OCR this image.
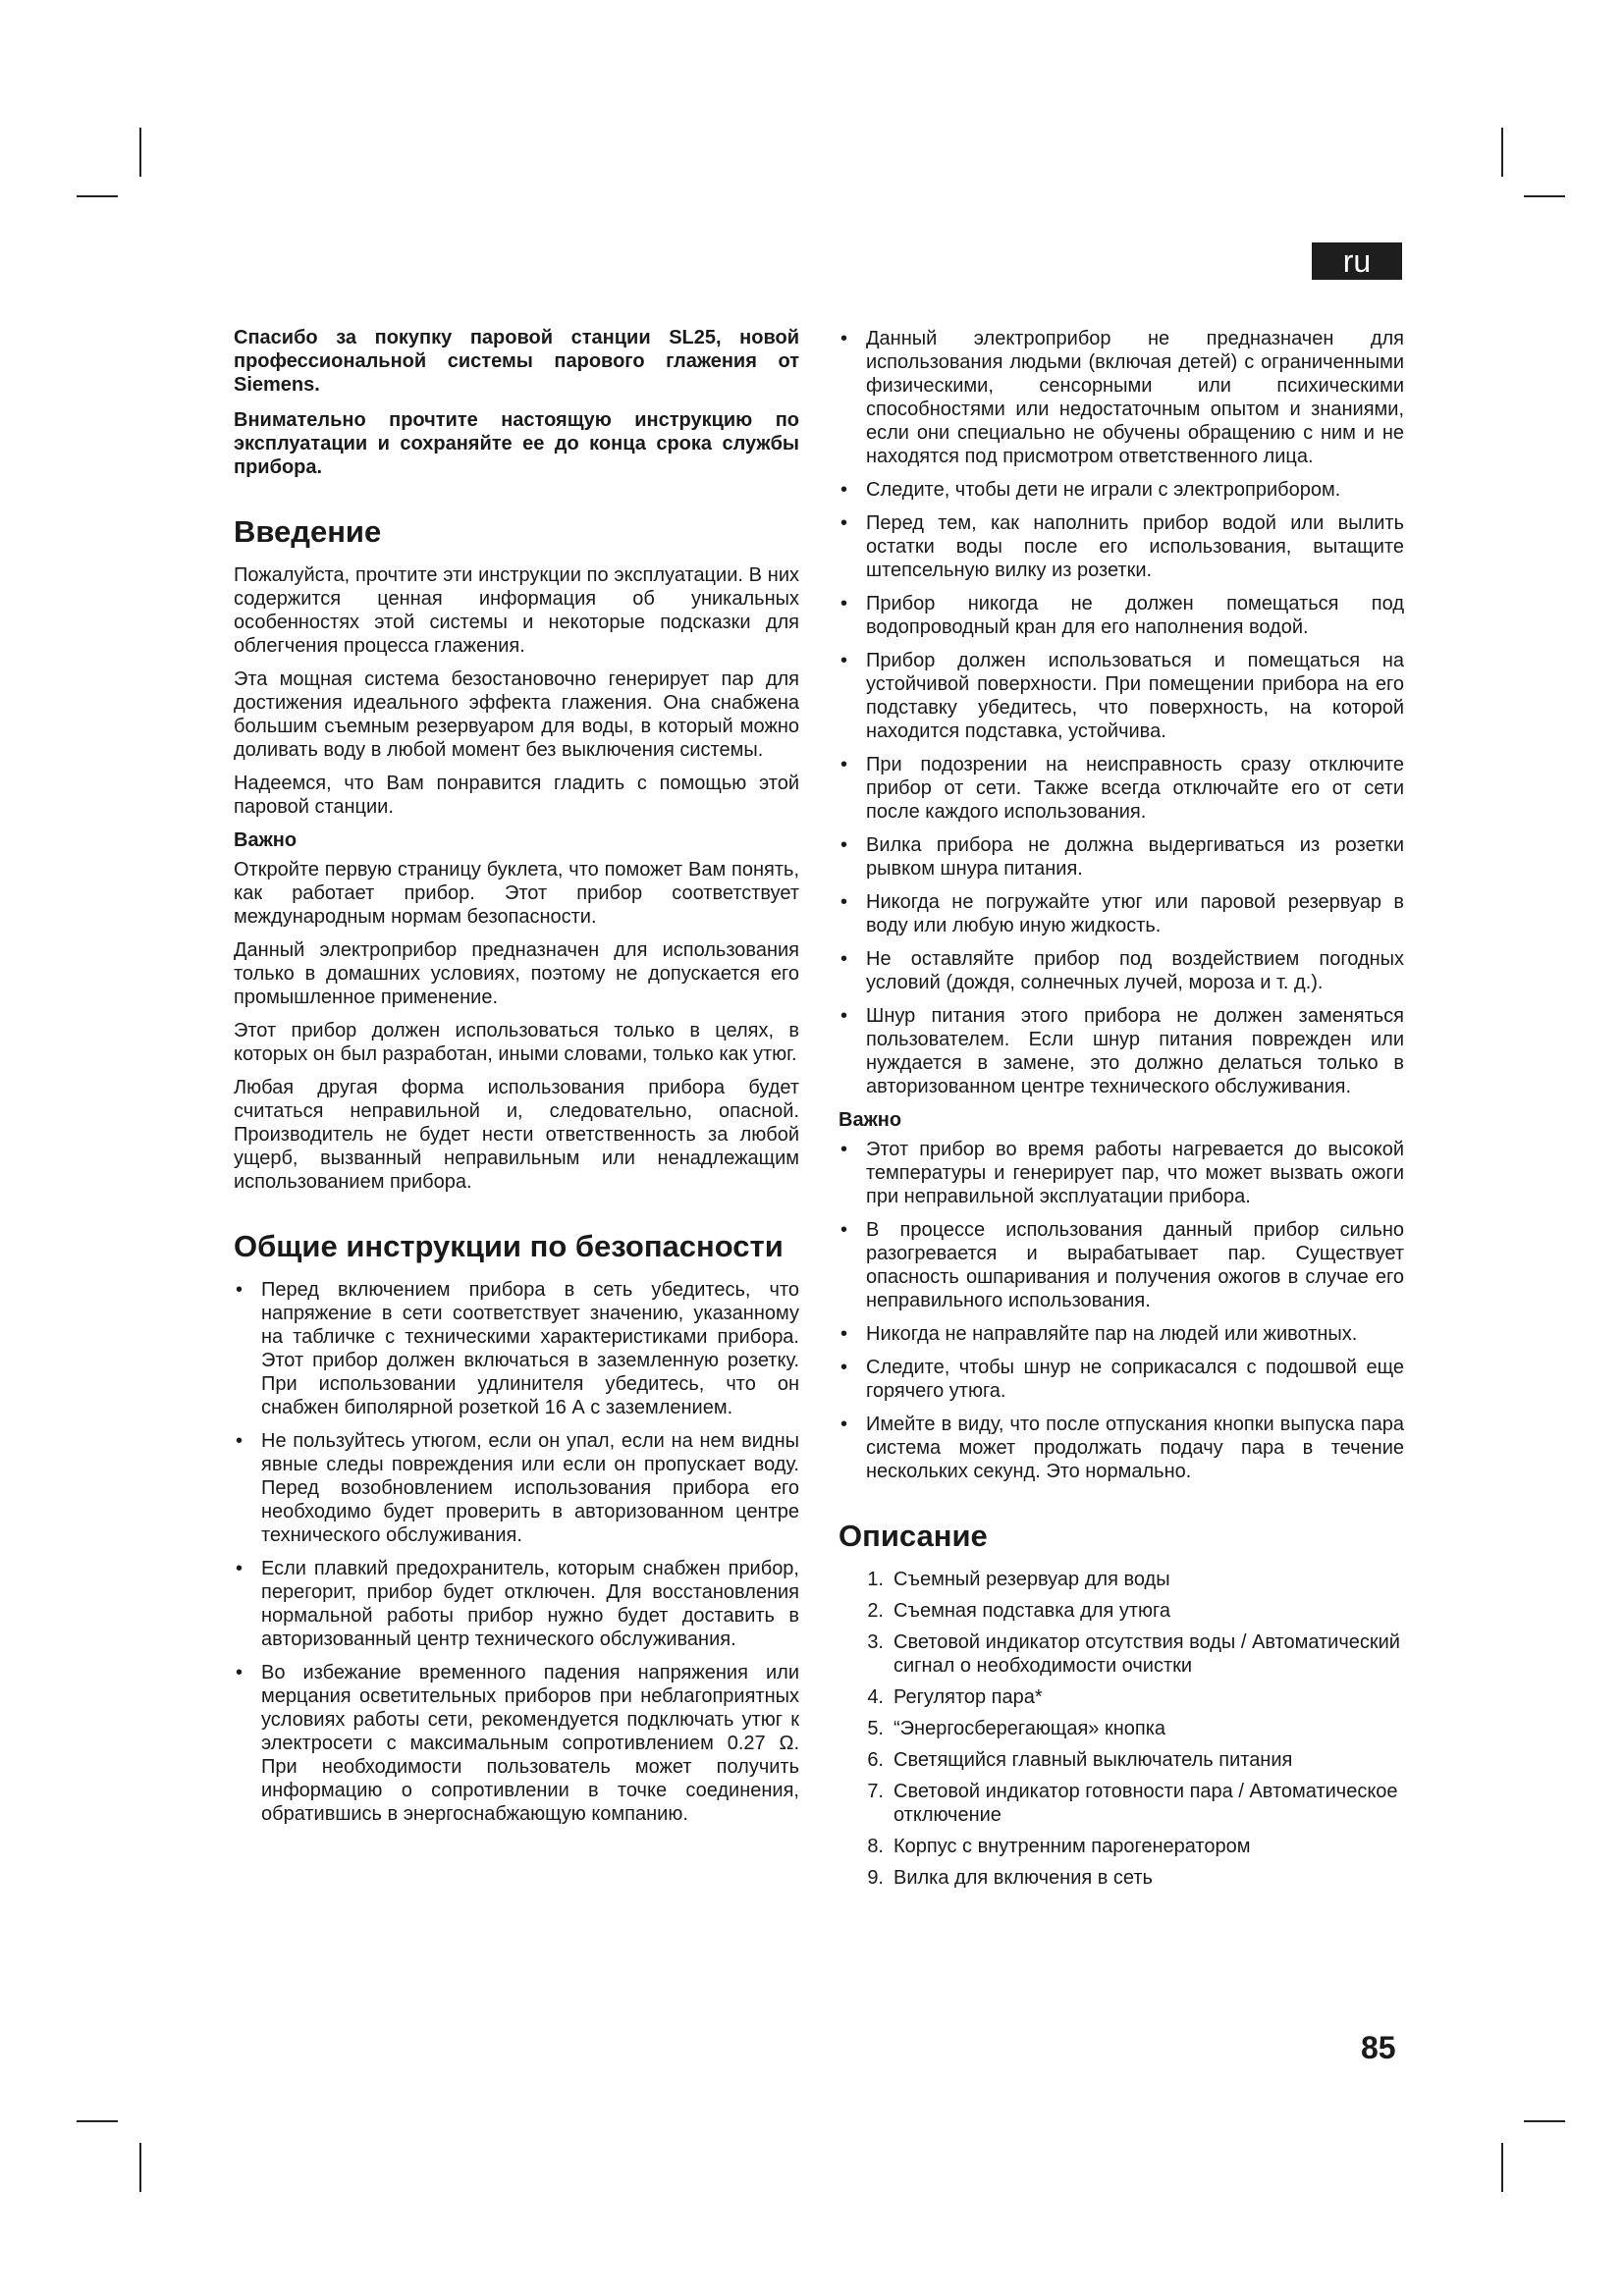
ru

Спасибо за покупку паровой станции SL25, новой профессиональной системы парового глажения от Siemens.

Внимательно прочтите настоящую инструкцию по эксплуатации и сохраняйте ее до конца срока службы прибора.

Введение

Пожалуйста, прочтите эти инструкции по эксплуатации. В них содержится ценная информация об уникальных особенностях этой системы и некоторые подсказки для облегчения процесса глажения.

Эта мощная система безостановочно генерирует пар для достижения идеального эффекта глажения. Она снабжена большим съемным резервуаром для воды, в который можно доливать воду в любой момент без выключения системы.

Надеемся, что Вам понравится гладить с помощью этой паровой станции.

Важно

Откройте первую страницу буклета, что поможет Вам понять, как работает прибор. Этот прибор соответствует международным нормам безопасности.

Данный электроприбор предназначен для использования только в домашних условиях, поэтому не допускается его промышленное применение.

Этот прибор должен использоваться только в целях, в которых он был разработан, иными словами, только как утюг.

Любая другая форма использования прибора будет считаться неправильной и, следовательно, опасной. Производитель не будет нести ответственность за любой ущерб, вызванный неправильным или ненадлежащим использованием прибора.

Общие инструкции по безопасности
• Перед включением прибора в сеть убедитесь, что напряжение в сети соответствует значению, указанному на табличке с техническими характеристиками прибора. Этот прибор должен включаться в заземленную розетку. При использовании удлинителя убедитесь, что он снабжен биполярной розеткой 16 А с заземлением.
• Не пользуйтесь утюгом, если он упал, если на нем видны явные следы повреждения или если он пропускает воду. Перед возобновлением использования прибора его необходимо будет проверить в авторизованном центре технического обслуживания.
• Если плавкий предохранитель, которым снабжен прибор, перегорит, прибор будет отключен. Для восстановления нормальной работы прибор нужно будет доставить в авторизованный центр технического обслуживания.
• Во избежание временного падения напряжения или мерцания осветительных приборов при неблагоприятных условиях работы сети, рекомендуется подключать утюг к электросети с максимальным сопротивлением 0.27 Ω. При необходимости пользователь может получить информацию о сопротивлении в точке соединения, обратившись в энергоснабжающую компанию.
• Данный электроприбор не предназначен для использования людьми (включая детей) с ограниченными физическими, сенсорными или психическими способностями или недостаточным опытом и знаниями, если они специально не обучены обращению с ним и не находятся под присмотром ответственного лица.
• Следите, чтобы дети не играли с электроприбором.
• Перед тем, как наполнить прибор водой или вылить остатки воды после его использования, вытащите штепсельную вилку из розетки.
• Прибор никогда не должен помещаться под водопроводный кран для его наполнения водой.
• Прибор должен использоваться и помещаться на устойчивой поверхности. При помещении прибора на его подставку убедитесь, что поверхность, на которой находится подставка, устойчива.
• При подозрении на неисправность сразу отключите прибор от сети. Также всегда отключайте его от сети после каждого использования.
• Вилка прибора не должна выдергиваться из розетки рывком шнура питания.
• Никогда не погружайте утюг или паровой резервуар в воду или любую иную жидкость.
• Не оставляйте прибор под воздействием погодных условий (дождя, солнечных лучей, мороза и т. д.).
• Шнур питания этого прибора не должен заменяться пользователем. Если шнур питания поврежден или нуждается в замене, это должно делаться только в авторизованном центре технического обслуживания.
Важно
• Этот прибор во время работы нагревается до высокой температуры и генерирует пар, что может вызвать ожоги при неправильной эксплуатации прибора.
• В процессе использования данный прибор сильно разогревается и вырабатывает пар. Существует опасность ошпаривания и получения ожогов в случае его неправильного использования.
• Никогда не направляйте пар на людей или животных.
• Следите, чтобы шнур не соприкасался с подошвой еще горячего утюга.
• Имейте в виду, что после отпускания кнопки выпуска пара система может продолжать подачу пара в течение нескольких секунд. Это нормально.
Описание
1. Съемный резервуар для воды
2. Съемная подставка для утюга
3. Световой индикатор отсутствия воды / Автоматический сигнал о необходимости очистки
4. Регулятор пара*
5. “Энергосберегающая» кнопка
6. Светящийся главный выключатель питания
7. Световой индикатор готовности пара / Автоматическое отключение
8. Корпус с внутренним парогенератором
9. Вилка для включения в сеть
85
